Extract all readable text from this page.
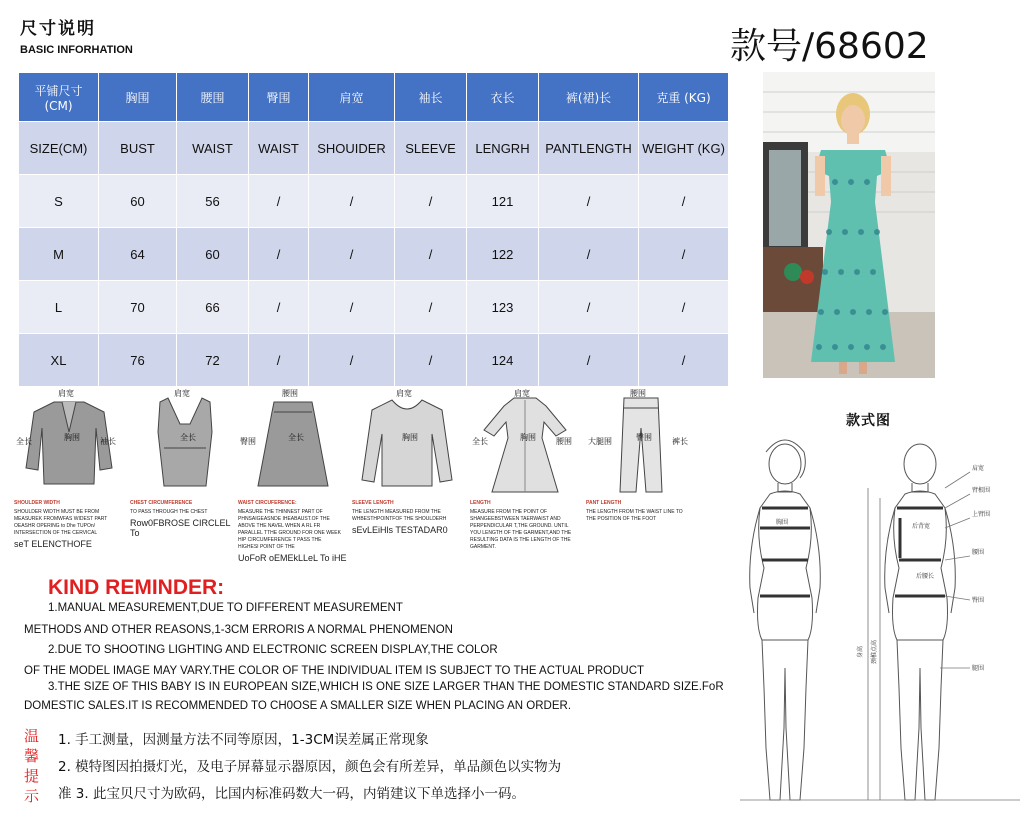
尺寸说明
BASIC INFORHATION	款号/68602
平铺尺寸(CM)	胸围	腰围	臀围	肩宽	袖长	衣长	裤(裙)长	克重 (KG)
SIZE(CM)	BUST	WAIST	WAIST	SHOUIDER	SLEEVE	LENGRH	PANTLENGTH	WEIGHT (KG)
S	60	56	/	/	/	121	/	/
M	64	60	/	/	/	122	/	/
L	70	66	/	/	/	123	/	/
XL	76	72	/	/	/	124	/	/
肩宽
胸围
全长	袖长
SHOULDER WIDTH
SHOULDER WIDTH MUST BE FROM MEASUREK FROMWFAS WIDEST PART OEASHR OPERING to Dhe TUPOn/ INTERSECTION OF THE CERVICAL
seT ELENCTHOFE
肩宽
全长
CHEST CIRCUMFERENCE
TO PASS THROUGH THE CHEST
Row0FBROSE CIRCLEL To
腰围
全长
臀围
WAIST CIRCUFERENCE:
MEASURE THE THINNEST PART OF PHNSAIGEASNDE IHEABAUST.OF THE ABOVE THE NAVEL WHEN A RL FR PARALLEL TTHE GROUND FOR ONE WEEK HIP CIRCUMFERENCE T PASS THE HIGHESI POINT OF THE
UoFoR oEMEkLLeL To iHE
肩宽
胸围
SLEEVE LENGTH
THE LENGTH MEASURED FROM THE WHBESTHPOINTFOF THE SHOULDERH
sEvLEiHls TESTADAR0
肩宽
胸围
全长	腰围
LENGTH
MEASURE FROM THE POINT OF SHANGEEBSTWEEN TAERWAIST AND PERPENDICULAR T,THE GROUND. UNTIL YOU LENGTH OF THE GARMENT,AND THE RESULTING DATA IS THE LENGTH OF THE GARMENT.
腰围
臀围
大腿围	裤长
PANT LENGTH
THE LENGTH FROM THE WAIST LINE TO THE POSITION OF THE FOOT
KIND REMINDER:
1.MANUAL MEASUREMENT,DUE TO DIFFERENT MEASUREMENT
METHODS AND OTHER REASONS,1-3CM ERRORIS A NORMAL PHENOMENON
2.DUE TO SHOOTING LIGHTING AND ELECTRONIC SCREEN DISPLAY,THE COLOR
OF THE MODEL IMAGE MAY VARY.THE COLOR OF THE INDIVIDUAL ITEM IS SUBJECT TO THE ACTUAL PRODUCT
3.THE SIZE OF THIS BABY IS IN EUROPEAN SIZE,WHICH IS ONE SIZE LARGER THAN THE DOMESTIC STANDARD SIZE.FoR
DOMESTIC SALES.IT IS RECOMMENDED TO CH0OSE A SMALLER SIZE WHEN PLACING AN ORDER.
温馨提示
1. 手工测量，因测量方法不同等原因，1-3CM误差属正常现象
2. 模特图因拍摄灯光，及电子屏幕显示器原因，颜色会有所差异，单品颜色以实物为
准 3. 此宝贝尺寸为欧码，比国内标准码数大一码，内销建议下单选择小一码。
款式图
肩宽
臂根围
上臂围
腰围
臀围
腿围
胸围
后背宽
后腰长
身高 颈椎点高
